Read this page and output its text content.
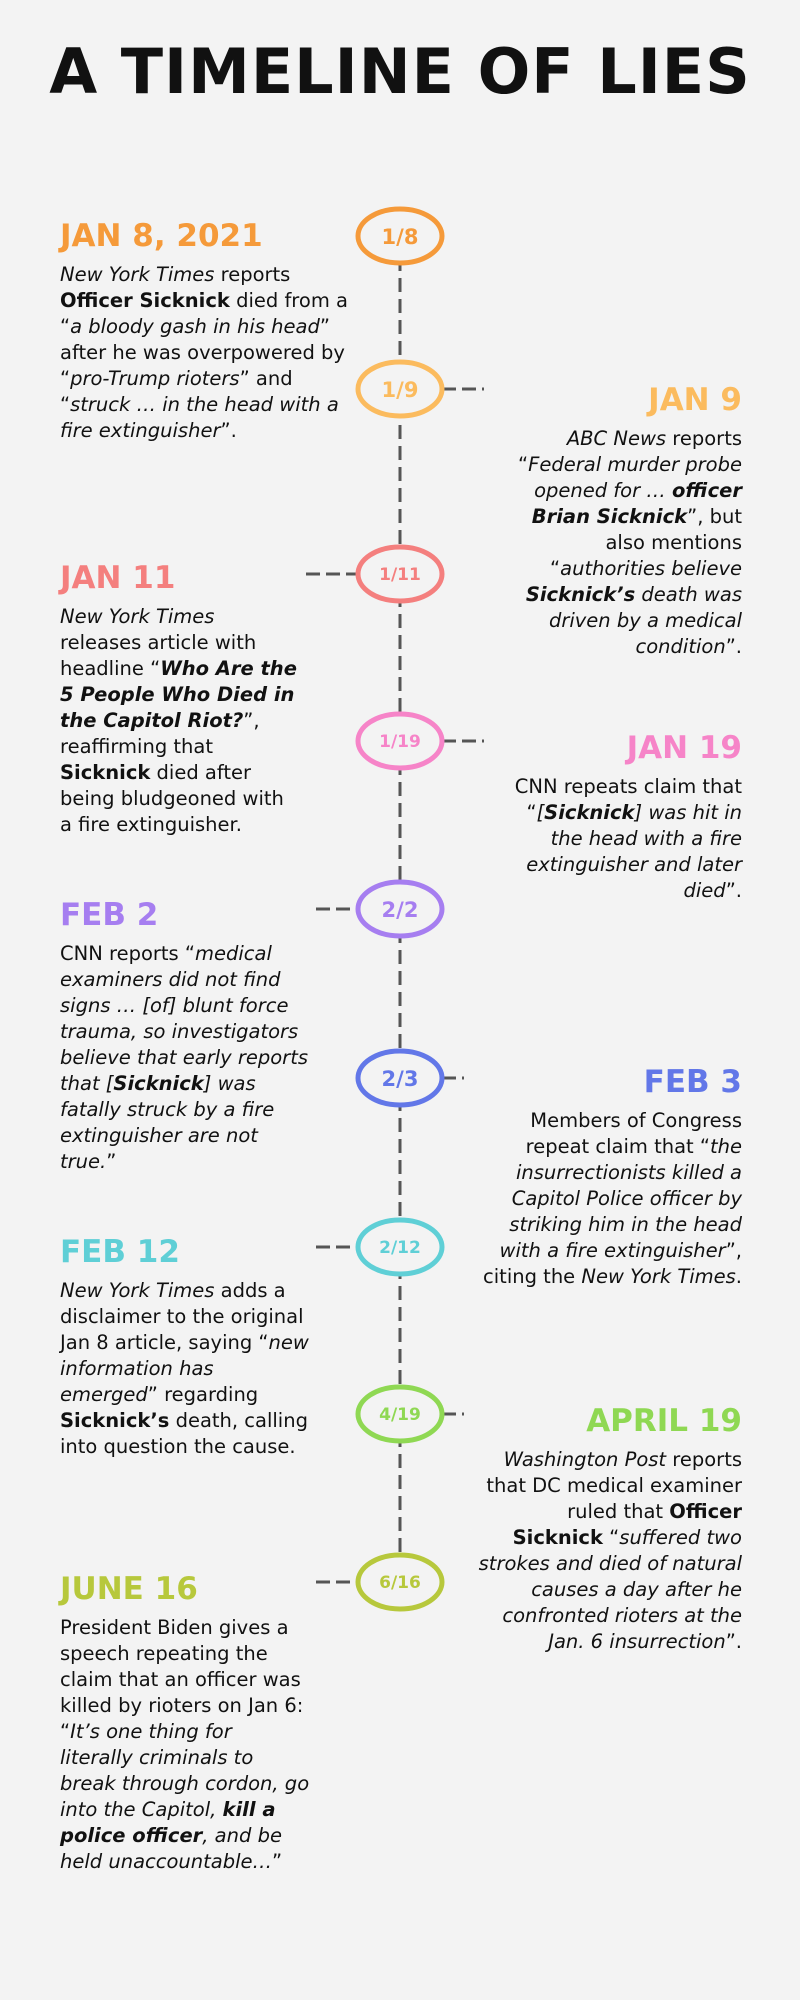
A TIMELINE OF LIES
1/8
1/9
1/11
1/19
2/2
2/3
2/12
4/19
6/16
JAN 8, 2021
New York Times reports Officer Sicknick died from a “a bloody gash in his head” after he was overpowered by “pro-Trump rioters” and “struck … in the head with a fire extinguisher”.
JAN 9
ABC News reports “Federal murder probe opened for … officer Brian Sicknick”, but also mentions “authorities believe Sicknick’s death was driven by a medical condition”.
JAN 11
New York Times releases article with headline “Who Are the 5 People Who Died in the Capitol Riot?”, reaffirming that Sicknick died after being bludgeoned with a fire extinguisher.
JAN 19
CNN repeats claim that “[Sicknick] was hit in the head with a fire extinguisher and later died”.
FEB 2
CNN reports “medical examiners did not find signs … [of] blunt force trauma, so investigators believe that early reports that [Sicknick] was fatally struck by a fire extinguisher are not true.”
FEB 3
Members of Congress repeat claim that “the insurrectionists killed a Capitol Police officer by striking him in the head with a fire extinguisher”, citing the New York Times.
FEB 12
New York Times adds a disclaimer to the original Jan 8 article, saying “new information has emerged” regarding Sicknick’s death, calling into question the cause.
APRIL 19
Washington Post reports that DC medical examiner ruled that Officer Sicknick “suffered two strokes and died of natural causes a day after he confronted rioters at the Jan. 6 insurrection”.
JUNE 16
President Biden gives a speech repeating the claim that an officer was killed by rioters on Jan 6: “It’s one thing for literally criminals to break through cordon, go into the Capitol, kill a police officer, and be held unaccountable…”
